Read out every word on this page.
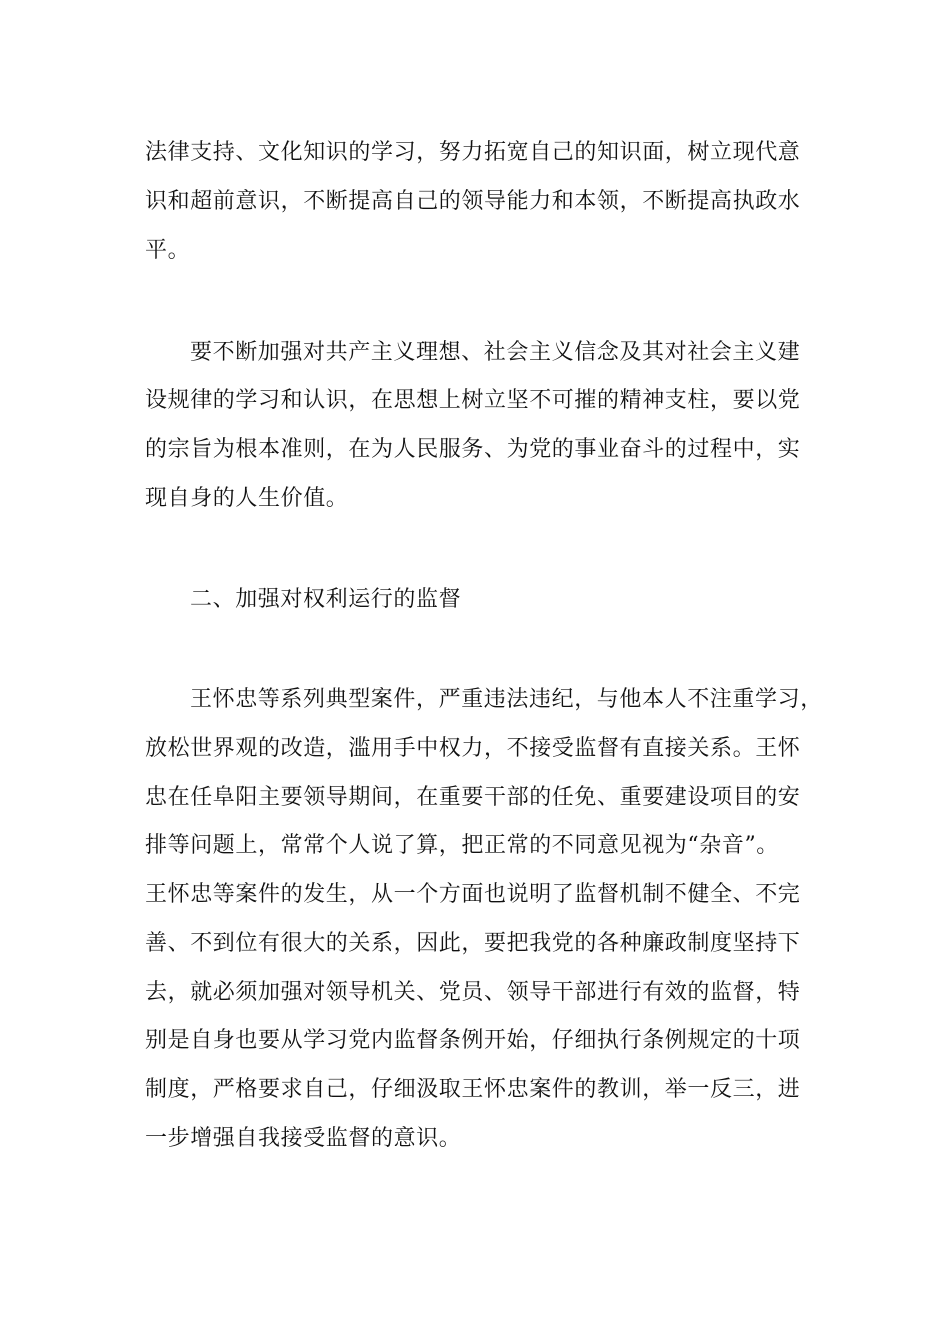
法律支持、文化知识的学习，努力拓宽自己的知识面，树立现代意
识和超前意识，不断提高自己的领导能力和本领，不断提高执政水
平。
要不断加强对共产主义理想、社会主义信念及其对社会主义建
设规律的学习和认识，在思想上树立坚不可摧的精神支柱，要以党
的宗旨为根本准则，在为人民服务、为党的事业奋斗的过程中，实
现自身的人生价值。
二、加强对权利运行的监督
王怀忠等系列典型案件，严重违法违纪，与他本人不注重学习，
放松世界观的改造，滥用手中权力，不接受监督有直接关系。王怀
忠在任阜阳主要领导期间，在重要干部的任免、重要建设项目的安
排等问题上，常常个人说了算，把正常的不同意见视为“杂音”。
王怀忠等案件的发生，从一个方面也说明了监督机制不健全、不完
善、不到位有很大的关系，因此，要把我党的各种廉政制度坚持下
去，就必须加强对领导机关、党员、领导干部进行有效的监督，特
别是自身也要从学习党内监督条例开始，仔细执行条例规定的十项
制度，严格要求自己，仔细汲取王怀忠案件的教训，举一反三，进
一步增强自我接受监督的意识。
